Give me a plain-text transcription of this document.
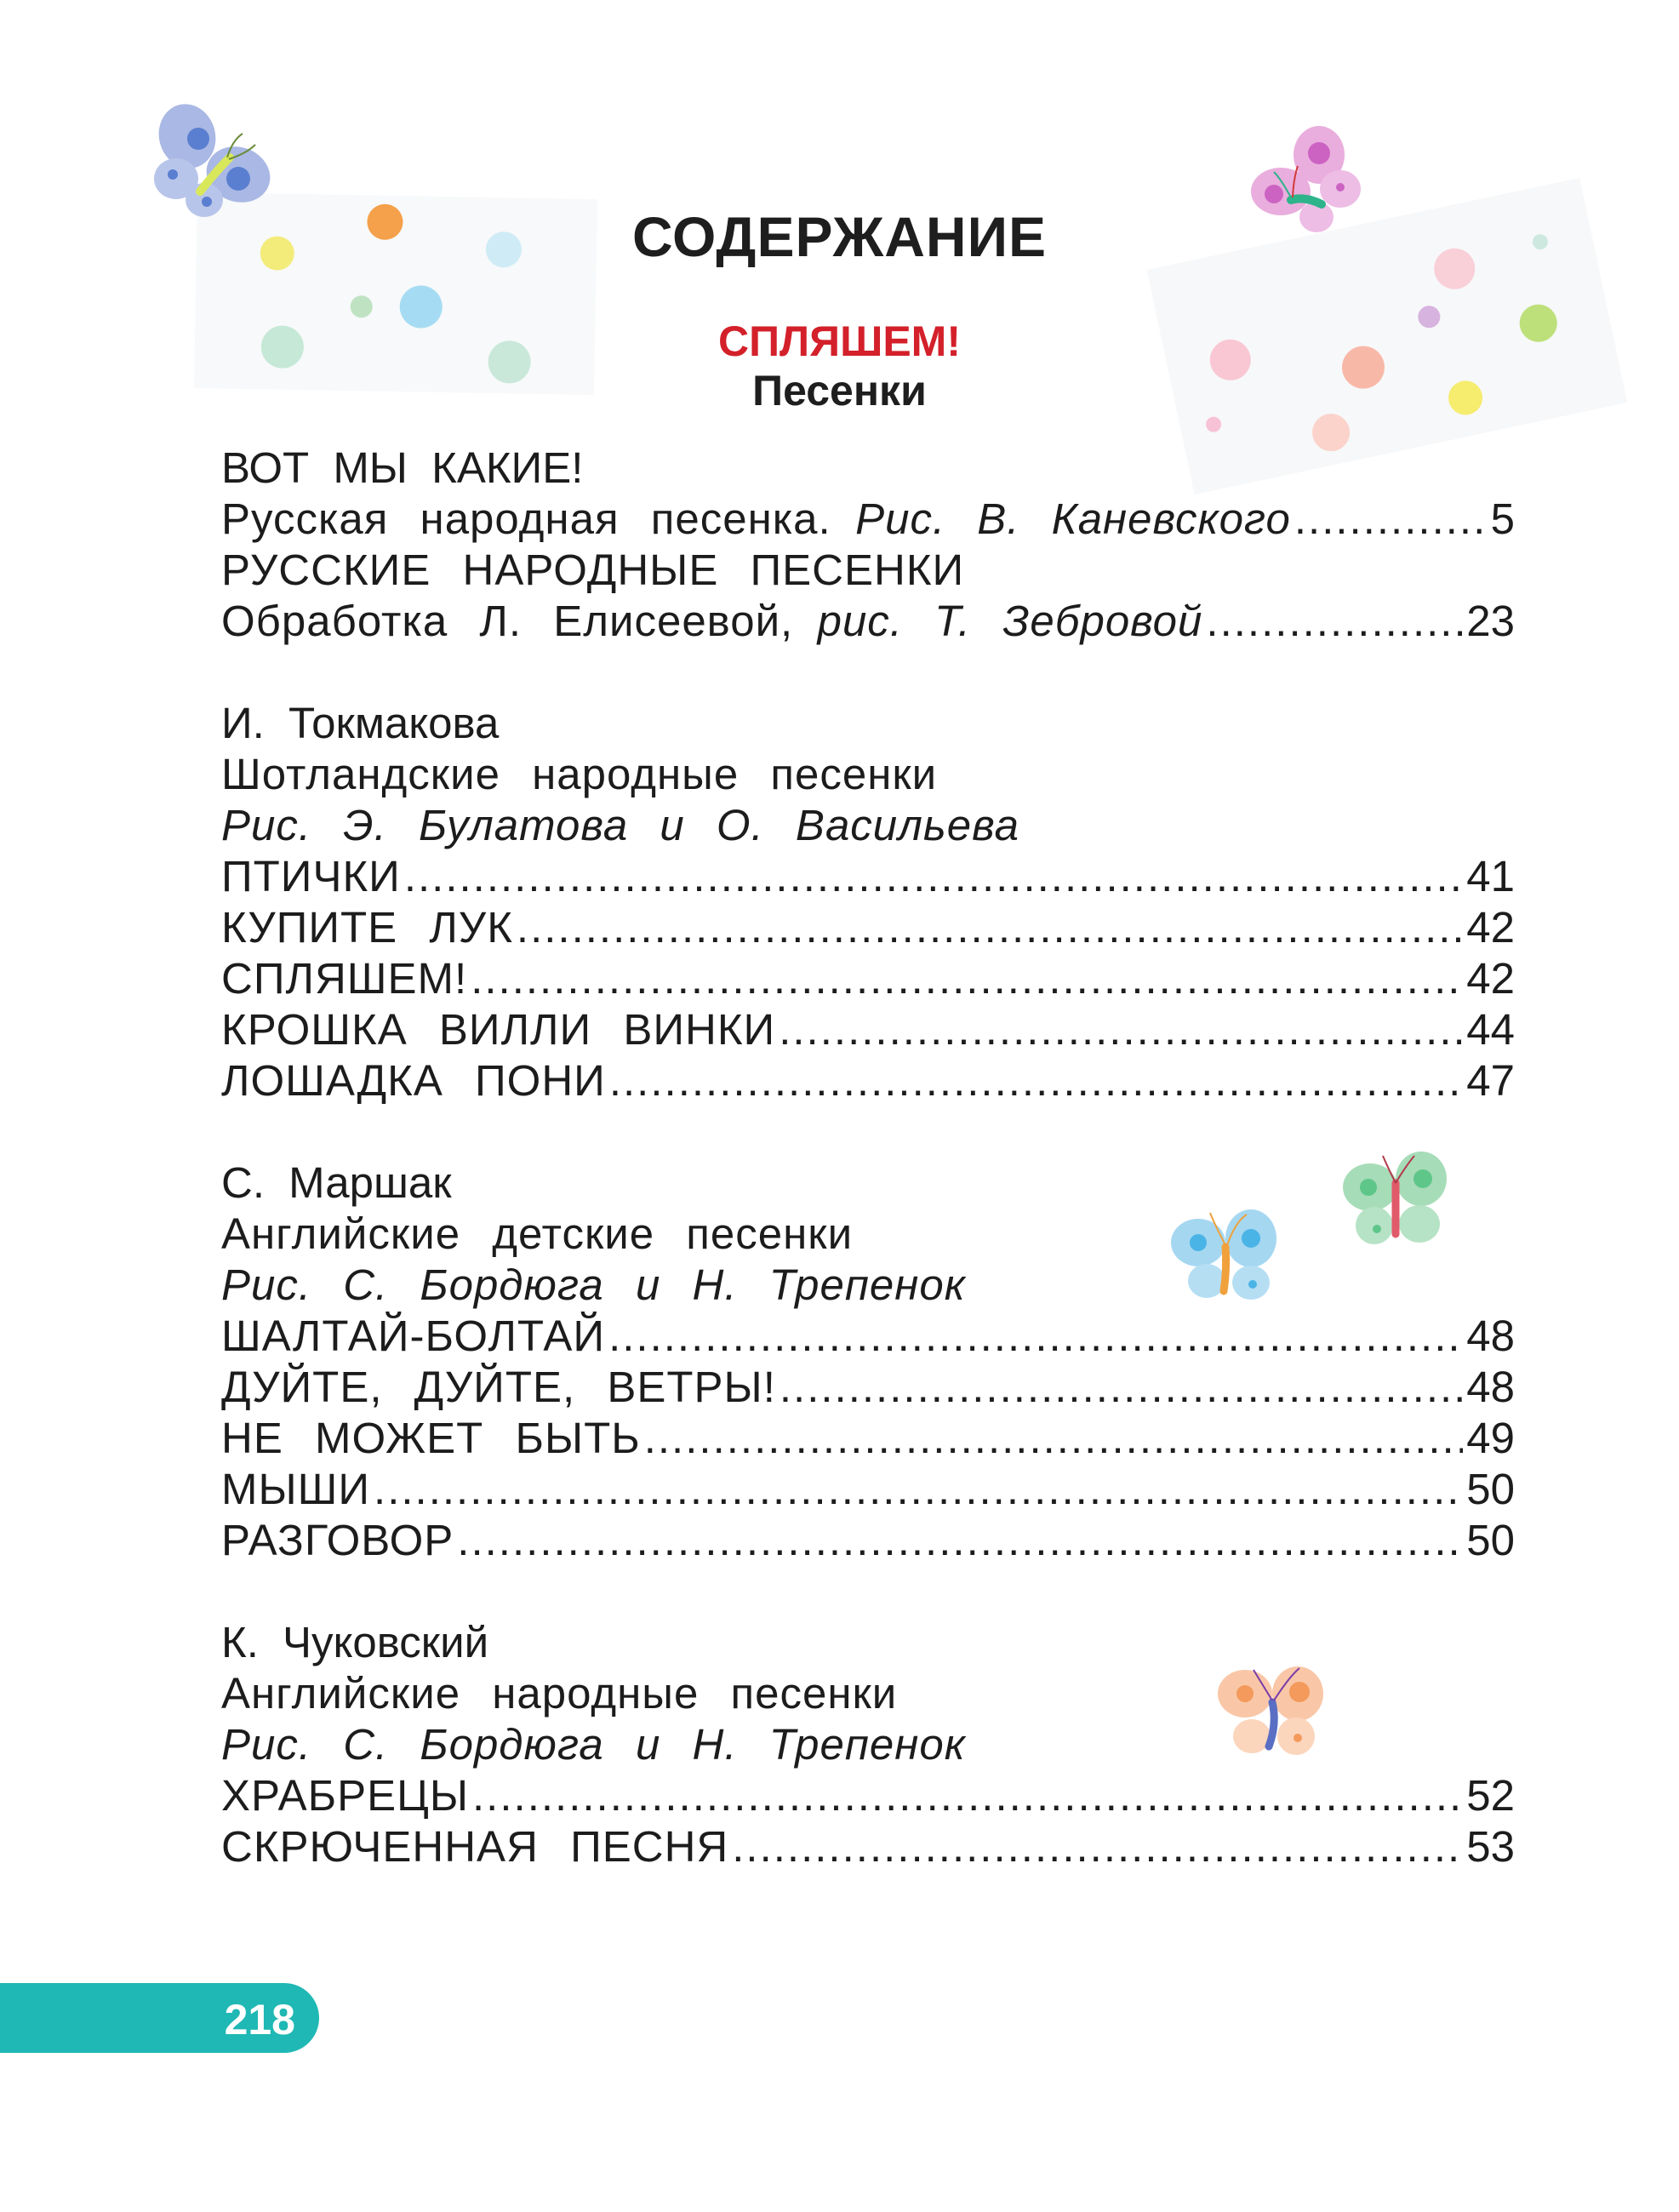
СОДЕРЖАНИЕ
СПЛЯШЕМ!
Песенки
ВОТ МЫ КАКИЕ!
Русская народная песенка.
Рис. В. Каневского .....	5
РУССКИЕ НАРОДНЫЕ ПЕСЕНКИ
Обработка Л. Елисеевой,
рис. Т. Зебровой .....	23
И. Токмакова
Шотландские народные песенки
Рис. Э. Булатова и О. Васильева
ПТИЧКИ .....	41
КУПИТЕ ЛУК .....	42
СПЛЯШЕМ! .....	42
КРОШКА ВИЛЛИ ВИНКИ .....	44
ЛОШАДКА ПОНИ .....	47
С. Маршак
Английские детские песенки
Рис. С. Бордюга и Н. Трепенок
ШАЛТАЙ-БОЛТАЙ .....	48
ДУЙТЕ, ДУЙТЕ, ВЕТРЫ! .....	48
НЕ МОЖЕТ БЫТЬ .....	49
МЫШИ .....	50
РАЗГОВОР .....	50
К. Чуковский
Английские народные песенки
Рис. С. Бордюга и Н. Трепенок
ХРАБРЕЦЫ .....	52
СКРЮЧЕННАЯ ПЕСНЯ .....	53
218
